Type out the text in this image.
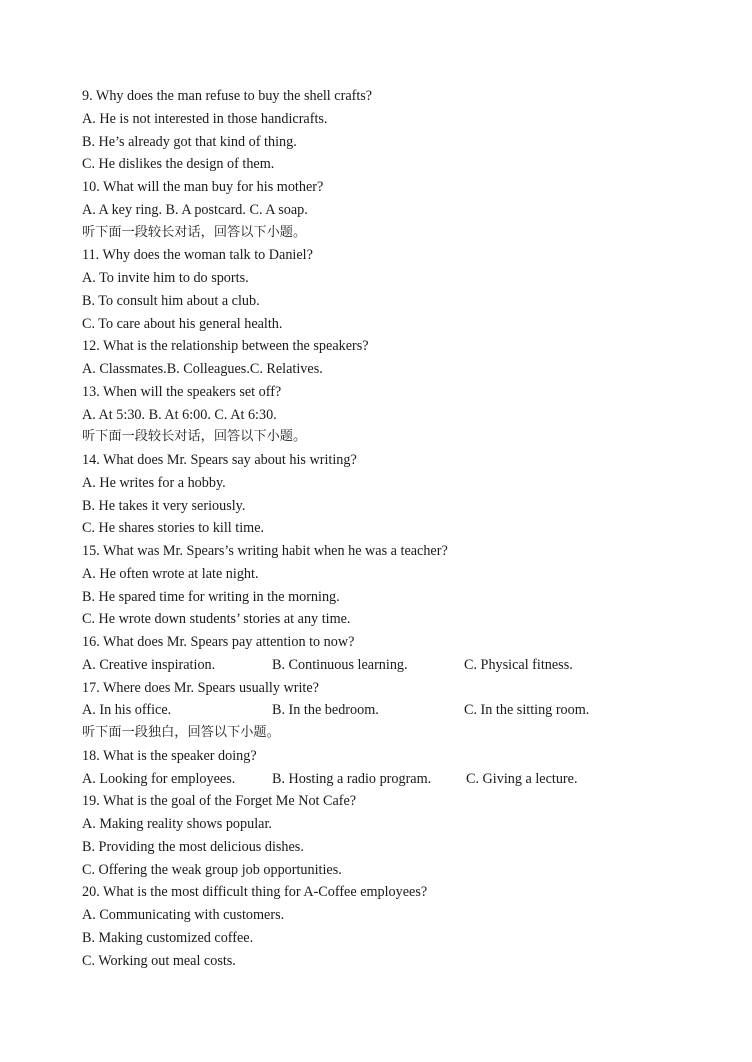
9. Why does the man refuse to buy the shell crafts?
A. He is not interested in those handicrafts.
B. He’s already got that kind of thing.
C. He dislikes the design of them.
10. What will the man buy for his mother?
A. A key ring. B. A postcard. C. A soap.
听下面一段较长对话，回答以下小题。
11. Why does the woman talk to Daniel?
A. To invite him to do sports.
B. To consult him about a club.
C. To care about his general health.
12. What is the relationship between the speakers?
A. Classmates.B. Colleagues.C. Relatives.
13. When will the speakers set off?
A. At 5:30. B. At 6:00. C. At 6:30.
听下面一段较长对话，回答以下小题。
14. What does Mr. Spears say about his writing?
A. He writes for a hobby.
B. He takes it very seriously.
C. He shares stories to kill time.
15. What was Mr. Spears’s writing habit when he was a teacher?
A. He often wrote at late night.
B. He spared time for writing in the morning.
C. He wrote down students’ stories at any time.
16. What does Mr. Spears pay attention to now?
A. Creative inspiration.	B. Continuous learning.	C. Physical fitness.
17. Where does Mr. Spears usually write?
A. In his office.	B. In the bedroom.	C. In the sitting room.
听下面一段独白，回答以下小题。
18. What is the speaker doing?
A. Looking for employees.	B. Hosting a radio program. C. Giving a lecture.
19. What is the goal of the Forget Me Not Cafe?
A. Making reality shows popular.
B. Providing the most delicious dishes.
C. Offering the weak group job opportunities.
20. What is the most difficult thing for A-Coffee employees?
A. Communicating with customers.
B. Making customized coffee.
C. Working out meal costs.
